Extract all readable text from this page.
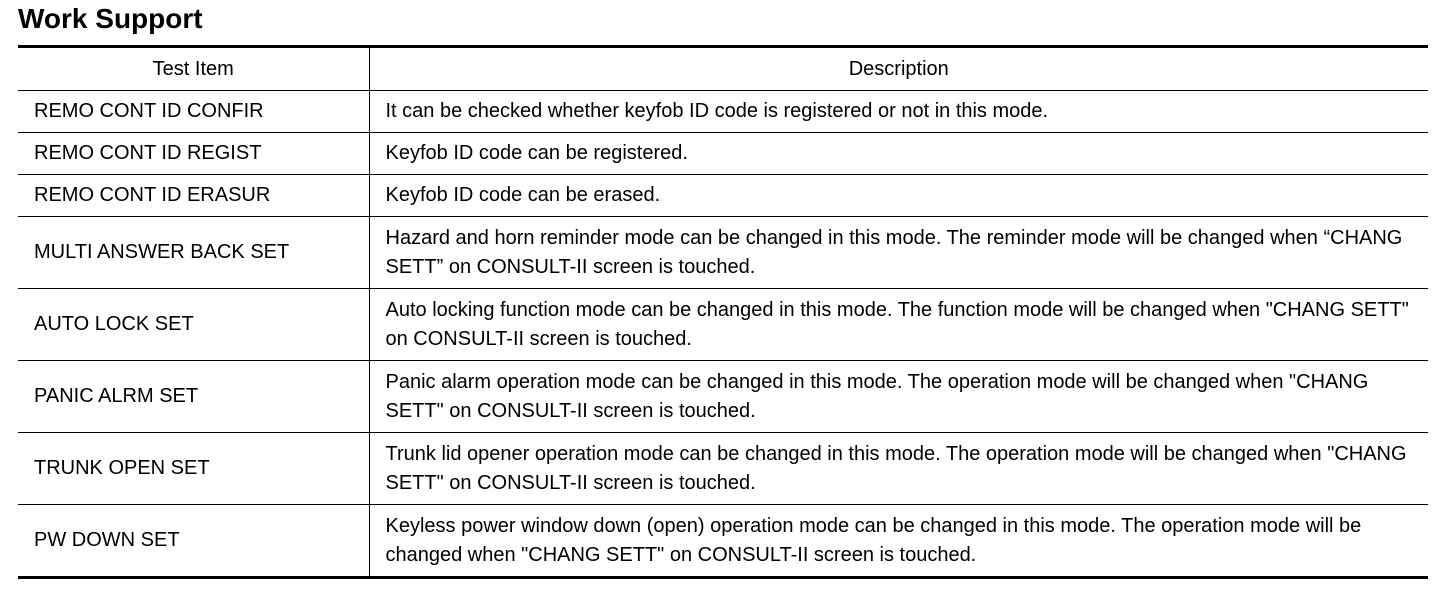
Work Support
Test Item	Description
REMO CONT ID CONFIR	It can be checked whether keyfob ID code is registered or not in this mode.
REMO CONT ID REGIST	Keyfob ID code can be registered.
REMO CONT ID ERASUR	Keyfob ID code can be erased.
MULTI ANSWER BACK SET	Hazard and horn reminder mode can be changed in this mode. The reminder mode will be changed when “CHANG SETT” on CONSULT-II screen is touched.
AUTO LOCK SET	Auto locking function mode can be changed in this mode. The function mode will be changed when "CHANG SETT" on CONSULT-II screen is touched.
PANIC ALRM SET	Panic alarm operation mode can be changed in this mode. The operation mode will be changed when "CHANG SETT" on CONSULT-II screen is touched.
TRUNK OPEN SET	Trunk lid opener operation mode can be changed in this mode. The operation mode will be changed when "CHANG SETT" on CONSULT-II screen is touched.
PW DOWN SET	Keyless power window down (open) operation mode can be changed in this mode. The operation mode will be changed when "CHANG SETT" on CONSULT-II screen is touched.
